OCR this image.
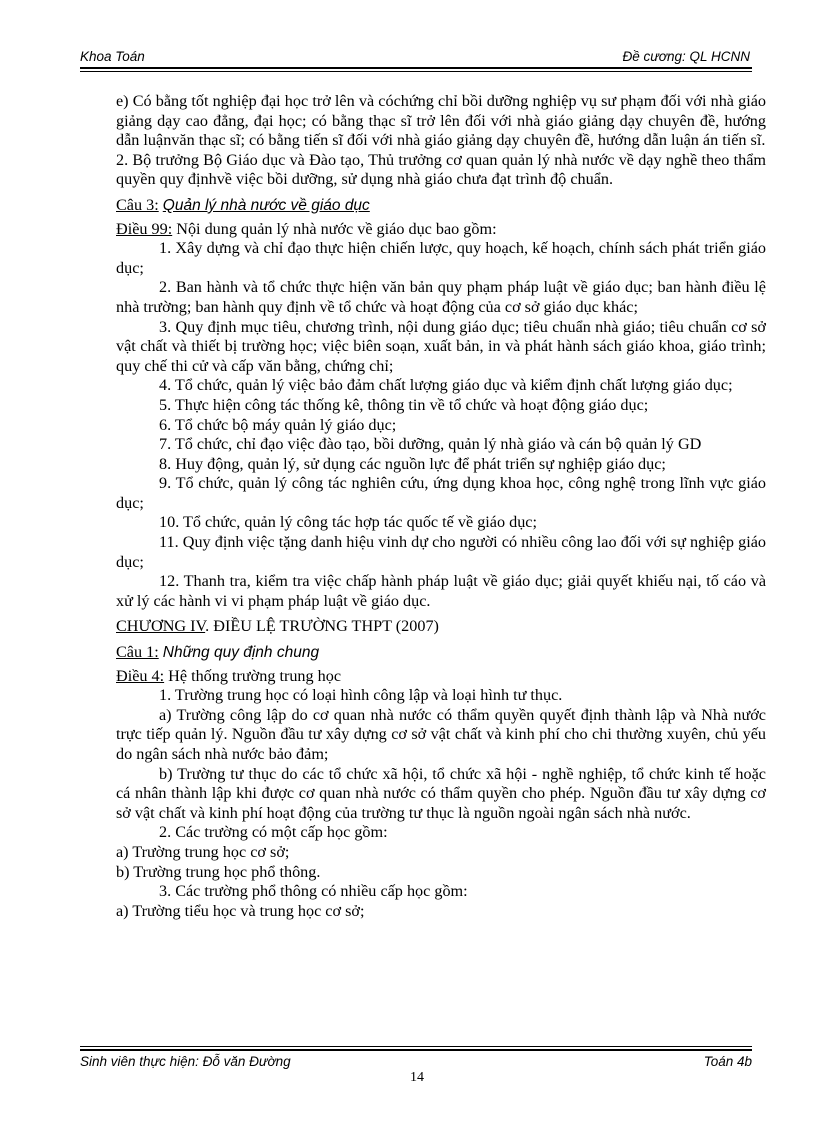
Khoa Toán	Đề cương: QL HCNN

e) Có bằng tốt nghiệp đại học trở lên và cóchứng chỉ bồi dưỡng nghiệp vụ sư phạm đối với nhà giáo giảng dạy cao đẳng, đại học; có bằng thạc sĩ trở lên đối với nhà giáo giảng dạy chuyên đề, hướng dẫn luậnvăn thạc sĩ; có bằng tiến sĩ đối với nhà giáo giảng dạy chuyên đề, hướng dẫn luận án tiến sĩ.

2. Bộ trưởng Bộ Giáo dục và Đào tạo, Thủ trưởng cơ quan quản lý nhà nước về dạy nghề theo thẩm quyền quy địnhvề việc bồi dưỡng, sử dụng nhà giáo chưa đạt trình độ chuẩn.

Câu 3: Quản lý nhà nước về giáo dục

Điều 99: Nội dung quản lý nhà nước về giáo dục bao gồm:

1. Xây dựng và chỉ đạo thực hiện chiến lược, quy hoạch, kế hoạch, chính sách phát triển giáo dục;

2. Ban hành và tổ chức thực hiện văn bản quy phạm pháp luật về giáo dục; ban hành điều lệ nhà trường; ban hành quy định về tổ chức và hoạt động của cơ sở giáo dục khác;

3. Quy định mục tiêu, chương trình, nội dung giáo dục; tiêu chuẩn nhà giáo; tiêu chuẩn cơ sở vật chất và thiết bị trường học; việc biên soạn, xuất bản, in và phát hành sách giáo khoa, giáo trình; quy chế thi cử và cấp văn bằng, chứng chỉ;

4. Tổ chức, quản lý việc bảo đảm chất lượng giáo dục và kiểm định chất lượng giáo dục;

5. Thực hiện công tác thống kê, thông tin về tổ chức và hoạt động giáo dục;

6. Tổ chức bộ máy quản lý giáo dục;

7. Tổ chức, chỉ đạo việc đào tạo, bồi dưỡng, quản lý nhà giáo và cán bộ quản lý GD

8. Huy động, quản lý, sử dụng các nguồn lực để phát triển sự nghiệp giáo dục;

9. Tổ chức, quản lý công tác nghiên cứu, ứng dụng khoa học, công nghệ trong lĩnh vực giáo dục;

10. Tổ chức, quản lý công tác hợp tác quốc tế về giáo dục;

11. Quy định việc tặng danh hiệu vinh dự cho người có nhiều công lao đối với sự nghiệp giáo dục;

12. Thanh tra, kiểm tra việc chấp hành pháp luật về giáo dục; giải quyết khiếu nại, tố cáo và xử lý các hành vi vi phạm pháp luật về giáo dục.

CHƯƠNG IV. ĐIỀU LỆ TRƯỜNG THPT (2007)

Câu 1: Những quy định chung

Điều 4: Hệ thống trường trung học

1. Trường trung học có loại hình công lập và loại hình tư thục.

a) Trường công lập do cơ quan nhà nước có thẩm quyền quyết định thành lập và Nhà nước trực tiếp quản lý. Nguồn đầu tư xây dựng cơ sở vật chất và kinh phí cho chi thường xuyên, chủ yếu do ngân sách nhà nước bảo đảm;

b) Trường tư thục do các tổ chức xã hội, tổ chức xã hội - nghề nghiệp, tổ chức kinh tế hoặc cá nhân thành lập khi được cơ quan nhà nước có thẩm quyền cho phép. Nguồn đầu tư xây dựng cơ sở vật chất và kinh phí hoạt động của trường tư thục là nguồn ngoài ngân sách nhà nước.

2. Các trường có một cấp học gồm:

a) Trường trung học cơ sở;

b) Trường trung học phổ thông.

3. Các trường phổ thông có nhiều cấp học gồm:

a) Trường tiểu học và trung học cơ sở;

Sinh viên thực hiện: Đỗ văn Đường	Toán 4b
14
